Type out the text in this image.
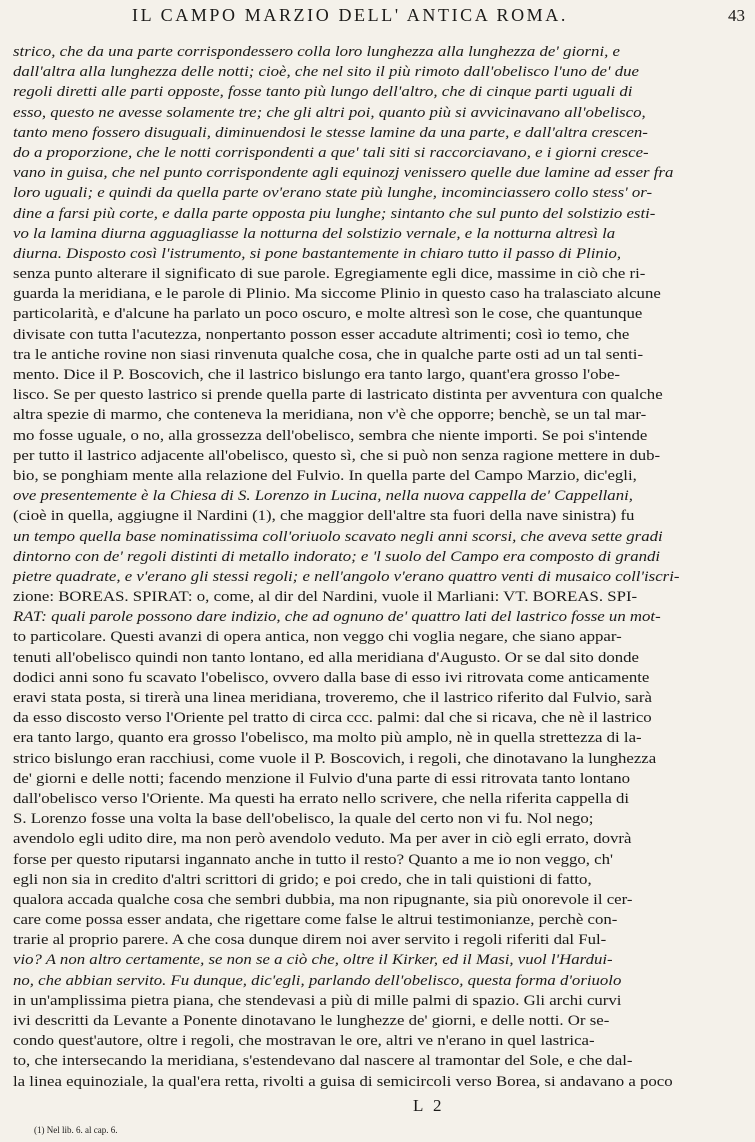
IL CAMPO MARZIO DELL' ANTICA ROMA.	43
strico, che da una parte corrispondessero colla loro lunghezza alla lunghezza de' giorni, e
dall'altra alla lunghezza delle notti; cioè, che nel sito il più rimoto dall'obelisco l'uno de' due
regoli diretti alle parti opposte, fosse tanto più lungo dell'altro, che di cinque parti uguali di
esso, questo ne avesse solamente tre; che gli altri poi, quanto più si avvicinavano all'obelisco,
tanto meno fossero disuguali, diminuendosi le stesse lamine da una parte, e dall'altra crescen-
do a proporzione, che le notti corrispondenti a que' tali siti si raccorciavano, e i giorni cresce-
vano in guisa, che nel punto corrispondente agli equinozj venissero quelle due lamine ad esser fra
loro uguali; e quindi da quella parte ov'erano state più lunghe, incominciassero collo stess' or-
dine a farsi più corte, e dalla parte opposta piu lunghe; sintanto che sul punto del solstizio esti-
vo la lamina diurna agguagliasse la notturna del solstizio vernale, e la notturna altresì la
diurna. Disposto così l'istrumento, si pone bastantemente in chiaro tutto il passo di Plinio,
senza punto alterare il significato di sue parole. Egregiamente egli dice, massime in ciò che ri-
guarda la meridiana, e le parole di Plinio. Ma siccome Plinio in questo caso ha tralasciato alcune
particolarità, e d'alcune ha parlato un poco oscuro, e molte altresì son le cose, che quantunque
divisate con tutta l'acutezza, nonpertanto posson esser accadute altrimenti; così io temo, che
tra le antiche rovine non siasi rinvenuta qualche cosa, che in qualche parte osti ad un tal senti-
mento. Dice il P. Boscovich, che il lastrico bislungo era tanto largo, quant'era grosso l'obe-
lisco. Se per questo lastrico si prende quella parte di lastricato distinta per avventura con qualche
altra spezie di marmo, che conteneva la meridiana, non v'è che opporre; benchè, se un tal mar-
mo fosse uguale, o no, alla grossezza dell'obelisco, sembra che niente importi. Se poi s'intende
per tutto il lastrico adjacente all'obelisco, questo sì, che si può non senza ragione mettere in dub-
bio, se ponghiam mente alla relazione del Fulvio. In quella parte del Campo Marzio, dic'egli,
ove presentemente è la Chiesa di S. Lorenzo in Lucina, nella nuova cappella de' Cappellani,
(cioè in quella, aggiugne il Nardini (1), che maggior dell'altre sta fuori della nave sinistra) fu
un tempo quella base nominatissima coll'oriuolo scavato negli anni scorsi, che aveva sette gradi
dintorno con de' regoli distinti di metallo indorato; e 'l suolo del Campo era composto di grandi
pietre quadrate, e v'erano gli stessi regoli; e nell'angolo v'erano quattro venti di musaico coll'iscri-
zione: BOREAS. SPIRAT: o, come, al dir del Nardini, vuole il Marliani: VT. BOREAS. SPI-
RAT: quali parole possono dare indizio, che ad ognuno de' quattro lati del lastrico fosse un mot-
to particolare. Questi avanzi di opera antica, non veggo chi voglia negare, che siano appar-
tenuti all'obelisco quindi non tanto lontano, ed alla meridiana d'Augusto. Or se dal sito donde
dodici anni sono fu scavato l'obelisco, ovvero dalla base di esso ivi ritrovata come anticamente
eravi stata posta, si tirerà una linea meridiana, troveremo, che il lastrico riferito dal Fulvio, sarà
da esso discosto verso l'Oriente pel tratto di circa ccc. palmi: dal che si ricava, che nè il lastrico
era tanto largo, quanto era grosso l'obelisco, ma molto più amplo, nè in quella strettezza di la-
strico bislungo eran racchiusi, come vuole il P. Boscovich, i regoli, che dinotavano la lunghezza
de' giorni e delle notti; facendo menzione il Fulvio d'una parte di essi ritrovata tanto lontano
dall'obelisco verso l'Oriente. Ma questi ha errato nello scrivere, che nella riferita cappella di
S. Lorenzo fosse una volta la base dell'obelisco, la quale del certo non vi fu. Nol nego;
avendolo egli udito dire, ma non però avendolo veduto. Ma per aver in ciò egli errato, dovrà
forse per questo riputarsi ingannato anche in tutto il resto? Quanto a me io non veggo, ch'
egli non sia in credito d'altri scrittori di grido; e poi credo, che in tali quistioni di fatto,
qualora accada qualche cosa che sembri dubbia, ma non ripugnante, sia più onorevole il cer-
care come possa esser andata, che rigettare come false le altrui testimonianze, perchè con-
trarie al proprio parere. A che cosa dunque direm noi aver servito i regoli riferiti dal Ful-
vio? A non altro certamente, se non se a ciò che, oltre il Kirker, ed il Masi, vuol l'Hardui-
no, che abbian servito. Fu dunque, dic'egli, parlando dell'obelisco, questa forma d'oriuolo
in un'amplissima pietra piana, che stendevasi a più di mille palmi di spazio. Gli archi curvi
ivi descritti da Levante a Ponente dinotavano le lunghezze de' giorni, e delle notti. Or se-
condo quest'autore, oltre i regoli, che mostravan le ore, altri ve n'erano in quel lastrica-
to, che intersecando la meridiana, s'estendevano dal nascere al tramontar del Sole, e che dal-
la linea equinoziale, la qual'era retta, rivolti a guisa di semicircoli verso Borea, si andavano a poco
L 2
(1) Nel lib. 6. al cap. 6.
